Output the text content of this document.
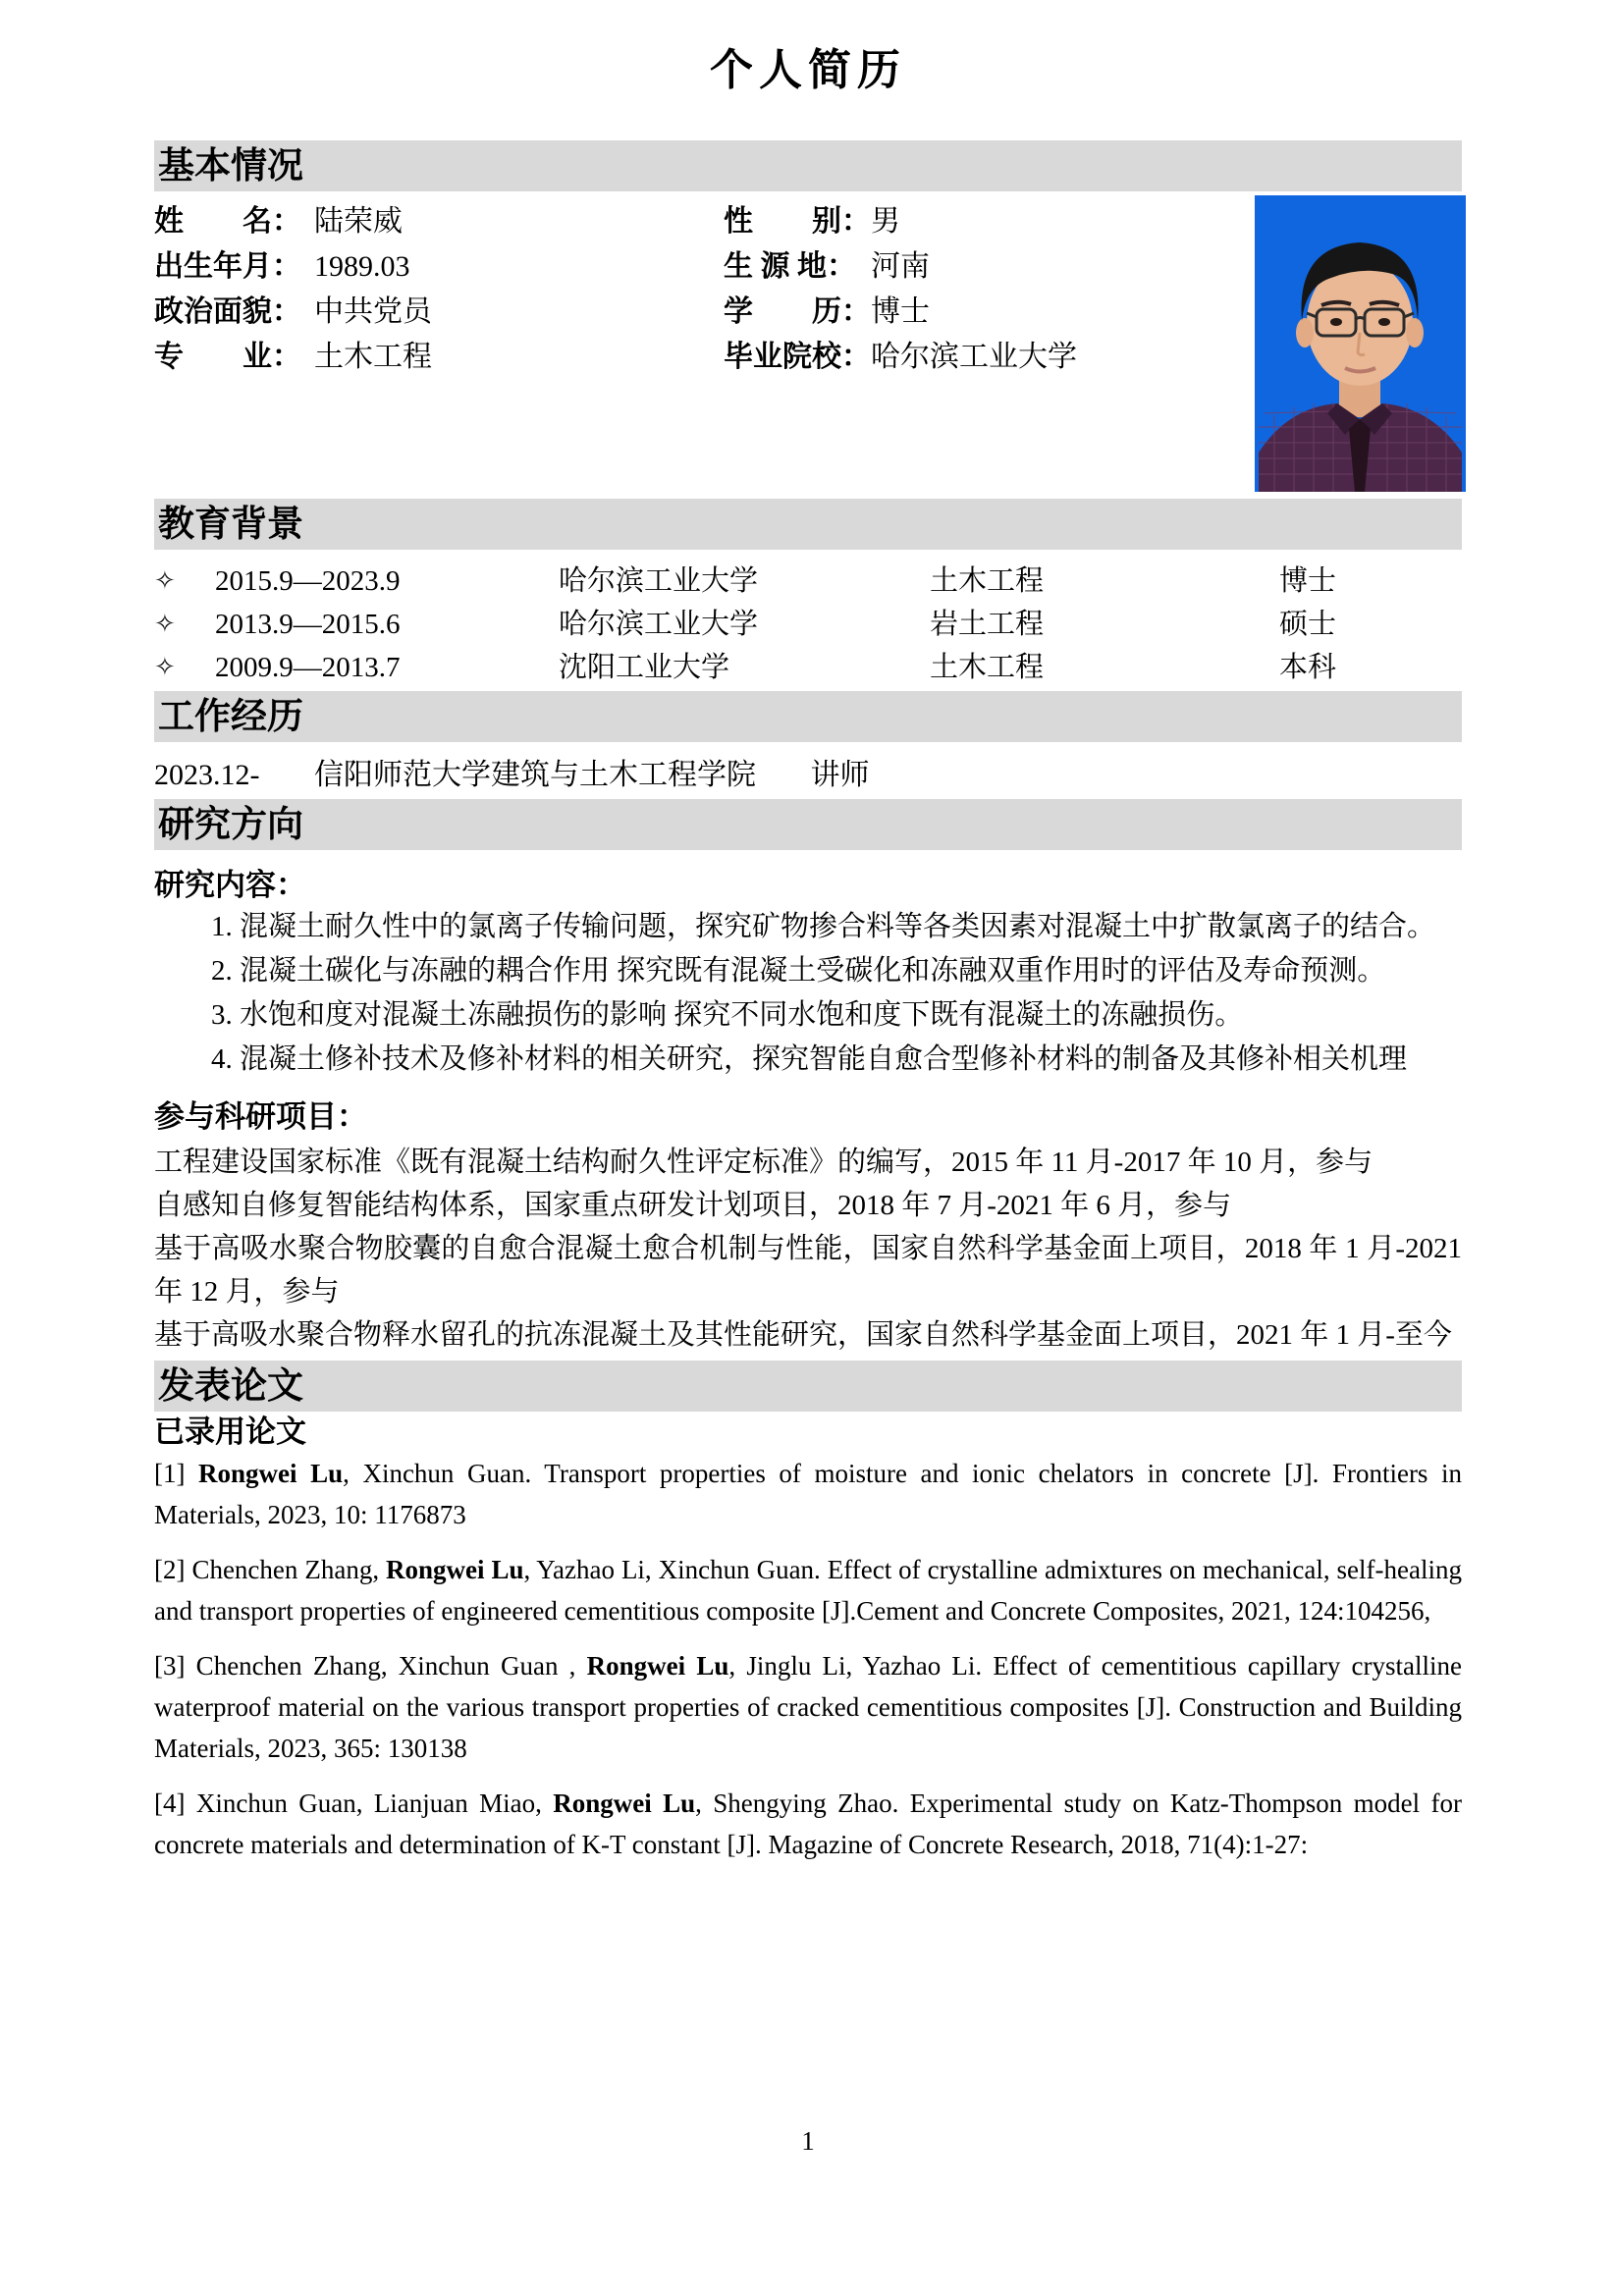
个人简历
基本情况
姓　　名： 陆荣威	性　　别：男
出生年月： 1989.03	生 源 地： 河南
政治面貌： 中共党员	学　　历：博士
专　　业： 土木工程	毕业院校：哈尔滨工业大学
教育背景
✧	2015.9—2023.9	哈尔滨工业大学	土木工程	博士
✧	2013.9—2015.6	哈尔滨工业大学	岩土工程	硕士
✧	2009.9—2013.7	沈阳工业大学	土木工程	本科
工作经历
2023.12- 信阳师范大学建筑与土木工程学院 讲师
研究方向
研究内容：
1. 混凝土耐久性中的氯离子传输问题，探究矿物掺合料等各类因素对混凝土中扩散氯离子的结合。
2. 混凝土碳化与冻融的耦合作用 探究既有混凝土受碳化和冻融双重作用时的评估及寿命预测。
3. 水饱和度对混凝土冻融损伤的影响 探究不同水饱和度下既有混凝土的冻融损伤。
4. 混凝土修补技术及修补材料的相关研究，探究智能自愈合型修补材料的制备及其修补相关机理
参与科研项目：

工程建设国家标准《既有混凝土结构耐久性评定标准》的编写，2015 年 11 月-2017 年 10 月，参与

自感知自修复智能结构体系，国家重点研发计划项目，2018 年 7 月-2021 年 6 月，参与

基于高吸水聚合物胶囊的自愈合混凝土愈合机制与性能，国家自然科学基金面上项目，2018 年 1 月-2021 年 12 月，参与

基于高吸水聚合物释水留孔的抗冻混凝土及其性能研究，国家自然科学基金面上项目，2021 年 1 月-至今

发表论文
已录用论文

[1] Rongwei Lu, Xinchun Guan. Transport properties of moisture and ionic chelators in concrete [J]. Frontiers in Materials, 2023, 10: 1176873

[2] Chenchen Zhang, Rongwei Lu, Yazhao Li, Xinchun Guan. Effect of crystalline admixtures on mechanical, self-healing and transport properties of engineered cementitious composite [J].Cement and Concrete Composites, 2021, 124:104256,

[3] Chenchen Zhang, Xinchun Guan , Rongwei Lu, Jinglu Li, Yazhao Li. Effect of cementitious capillary crystalline waterproof material on the various transport properties of cracked cementitious composites [J]. Construction and Building Materials, 2023, 365: 130138

[4] Xinchun Guan, Lianjuan Miao, Rongwei Lu, Shengying Zhao. Experimental study on Katz-Thompson model for concrete materials and determination of K-T constant [J]. Magazine of Concrete Research, 2018, 71(4):1-27:

1
